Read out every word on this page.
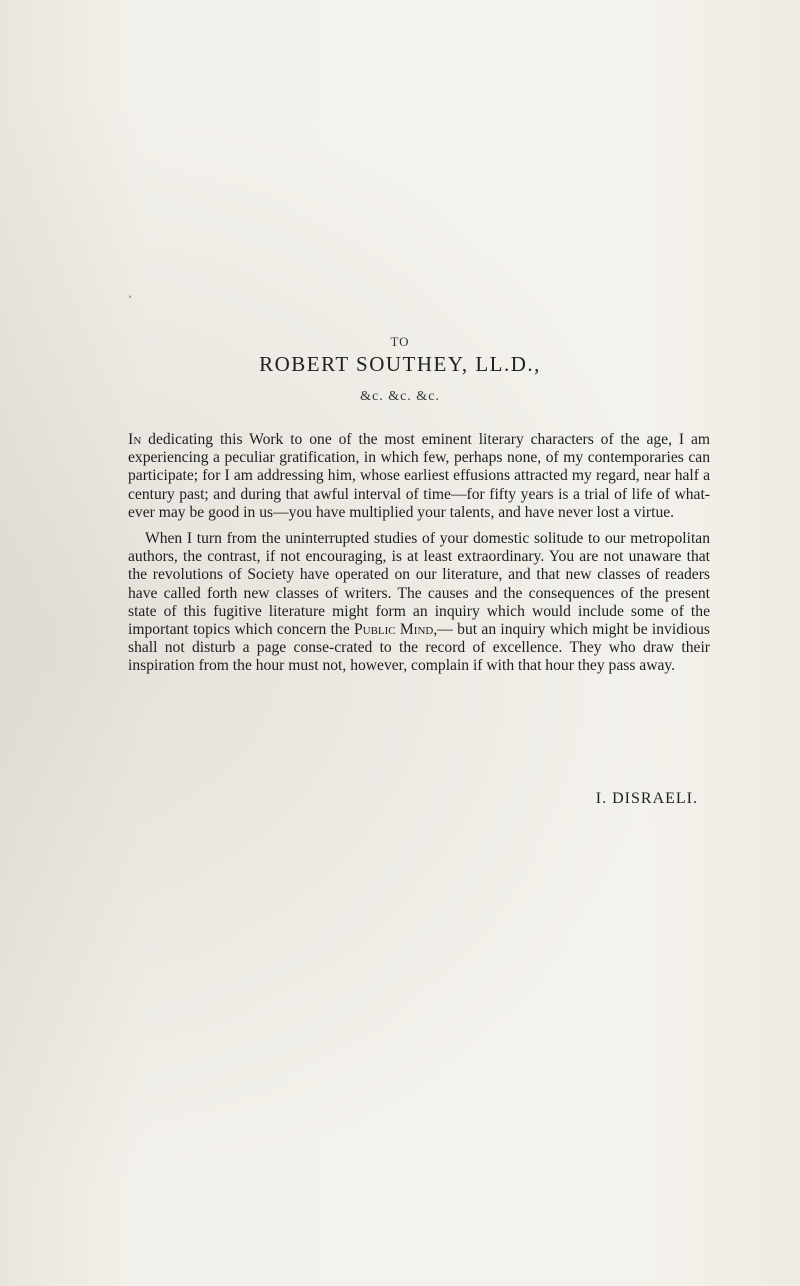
’
TO
ROBERT SOUTHEY, LL.D.,
&c. &c. &c.

In dedicating this Work to one of the most eminent literary characters of the age, I am experiencing a peculiar gratification, in which few, perhaps none, of my contemporaries can participate; for I am addressing him, whose earliest effusions attracted my regard, near half a century past; and during that awful interval of time—for fifty years is a trial of life of what-ever may be good in us—you have multiplied your talents, and have never lost a virtue.

When I turn from the uninterrupted studies of your domestic solitude to our metropolitan authors, the contrast, if not encouraging, is at least extraordinary. You are not unaware that the revolutions of Society have operated on our literature, and that new classes of readers have called forth new classes of writers. The causes and the consequences of the present state of this fugitive literature might form an inquiry which would include some of the important topics which concern the Public Mind,— but an inquiry which might be invidious shall not disturb a page conse-crated to the record of excellence. They who draw their inspiration from the hour must not, however, complain if with that hour they pass away.

I. DISRAELI.
